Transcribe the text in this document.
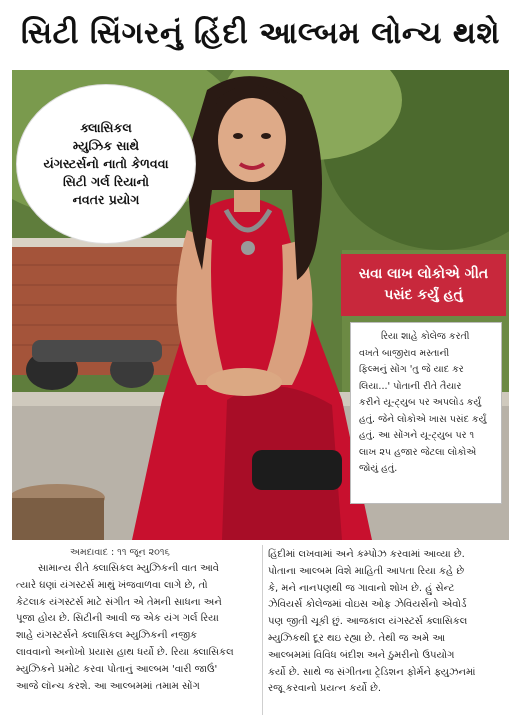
સિટી સિંગરનું હિંદી આલ્બમ લોન્ચ થશે
ક્લાસિકલ
મ્યુઝિક સાથે
યંગસ્ટર્સનો નાતો કેળવવા
સિટી ગર્લ રિયાનો
નવતર પ્રયોગ
સવા લાખ લોકોએ ગીત
પસંદ કર્યું હતું
રિયા શાહે કોલેજ કરતી
વખતે બાજીરાવ મસ્તાની
ફિલ્મનું સોંગ 'તુ જે યાદ કર
લિયા...' પોતાની રીતે તૈયાર
કરીને યૂ-ટ્યુબ પર અપલોડ કર્યું
હતું. જેને લોકોએ ખાસ પસંદ કર્યું
હતું. આ સોંગને યૂ-ટ્યુબ પર ૧
લાખ ૨૫ હજાર જેટલા લોકોએ
જોયું હતું.
અમદાવાદ : ૧૧ જૂન ૨૦૧૬
સામાન્ય રીતે ક્લાસિકલ મ્યુઝિકની વાત આવે
ત્યારે ઘણાં યંગસ્ટર્સ માથું ખંજવાળવા લાગે છે, તો
કેટલાક યંગસ્ટર્સ માટે સંગીત એ તેમની સાધના અને
પૂજા હોય છે. સિટીની આવી જ એક યંગ ગર્લ રિયા
શાહે યંગસ્ટર્સને ક્લાસિકલ મ્યુઝિકની નજીક
લાવવાનો અનોખો પ્રયાસ હાથ ધર્યો છે. રિયા ક્લાસિકલ
મ્યુઝિકને પ્રમોટ કરવા પોતાનું આલ્બમ 'વારી જાઉં'
આજે લૉન્ચ કરશે. આ આલ્બમમાં તમામ સોંગ
હિંદીમાં લખવામાં અને કમ્પોઝ કરવામાં આવ્યા છે.
પોતાના આલ્બમ વિશે માહિતી આપતા રિયા કહે છે
કે, મને નાનપણથી જ ગાવાનો શોખ છે. હું સેન્ટ
ઝેવિયર્સ કોલેજમાં વોઇસ ઓફ ઝેવિયર્સનો એવોર્ડ
પણ જીતી ચૂકી છું. આજકાલ યંગસ્ટર્સ ક્લાસિકલ
મ્યુઝિકથી દૂર થઇ રહ્યા છે. તેથી જ અમે આ
આલ્બમમાં વિવિધ બંદીશ અને ઠુમરીનો ઉપયોગ
કર્યો છે. સાથે જ સંગીતના ટ્રેડિશન ફોર્મને ફ્યુઝનમાં
રજૂ કરવાનો પ્રયત્ન કર્યો છે.
